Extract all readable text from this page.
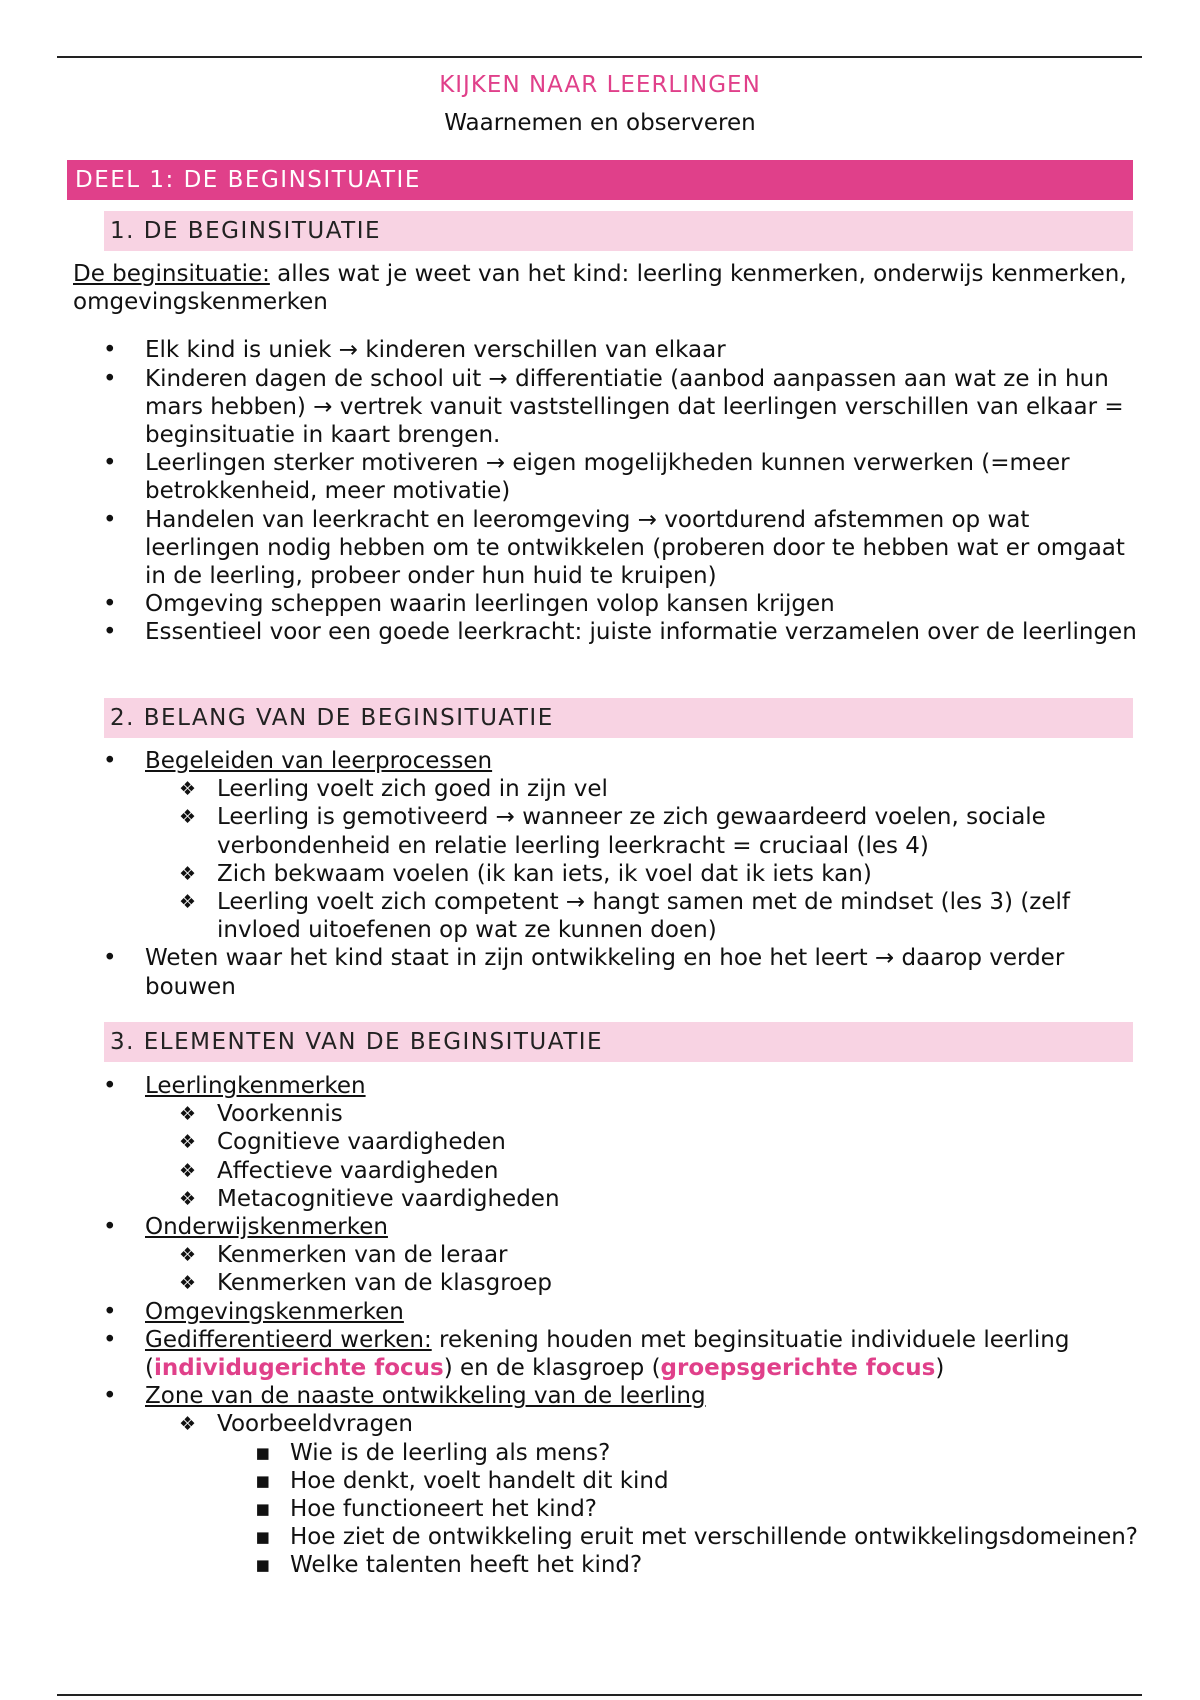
KIJKEN NAAR LEERLINGEN
Waarnemen en observeren
DEEL 1: DE BEGINSITUATIE
1. DE BEGINSITUATIE
De beginsituatie: alles wat je weet van het kind: leerling kenmerken, onderwijs kenmerken, omgevingskenmerken
• Elk kind is uniek → kinderen verschillen van elkaar
• Kinderen dagen de school uit → differentiatie (aanbod aanpassen aan wat ze in hun mars hebben) → vertrek vanuit vaststellingen dat leerlingen verschillen van elkaar = beginsituatie in kaart brengen.
• Leerlingen sterker motiveren → eigen mogelijkheden kunnen verwerken (=meer betrokkenheid, meer motivatie)
• Handelen van leerkracht en leeromgeving → voortdurend afstemmen op wat leerlingen nodig hebben om te ontwikkelen (proberen door te hebben wat er omgaat in de leerling, probeer onder hun huid te kruipen)
• Omgeving scheppen waarin leerlingen volop kansen krijgen
• Essentieel voor een goede leerkracht: juiste informatie verzamelen over de leerlingen
2. BELANG VAN DE BEGINSITUATIE
• Begeleiden van leerprocessen
❖ Leerling voelt zich goed in zijn vel
❖ Leerling is gemotiveerd → wanneer ze zich gewaardeerd voelen, sociale verbondenheid en relatie leerling leerkracht = cruciaal (les 4)
❖ Zich bekwaam voelen (ik kan iets, ik voel dat ik iets kan)
❖ Leerling voelt zich competent → hangt samen met de mindset (les 3) (zelf invloed uitoefenen op wat ze kunnen doen)
• Weten waar het kind staat in zijn ontwikkeling en hoe het leert → daarop verder bouwen
3. ELEMENTEN VAN DE BEGINSITUATIE
• Leerlingkenmerken
❖ Voorkennis
❖ Cognitieve vaardigheden
❖ Affectieve vaardigheden
❖ Metacognitieve vaardigheden
• Onderwijskenmerken
❖ Kenmerken van de leraar
❖ Kenmerken van de klasgroep
• Omgevingskenmerken
• Gedifferentieerd werken: rekening houden met beginsituatie individuele leerling (individugerichte focus) en de klasgroep (groepsgerichte focus)
• Zone van de naaste ontwikkeling van de leerling
❖ Voorbeeldvragen
▪ Wie is de leerling als mens?
▪ Hoe denkt, voelt handelt dit kind
▪ Hoe functioneert het kind?
▪ Hoe ziet de ontwikkeling eruit met verschillende ontwikkelingsdomeinen?
▪ Welke talenten heeft het kind?
